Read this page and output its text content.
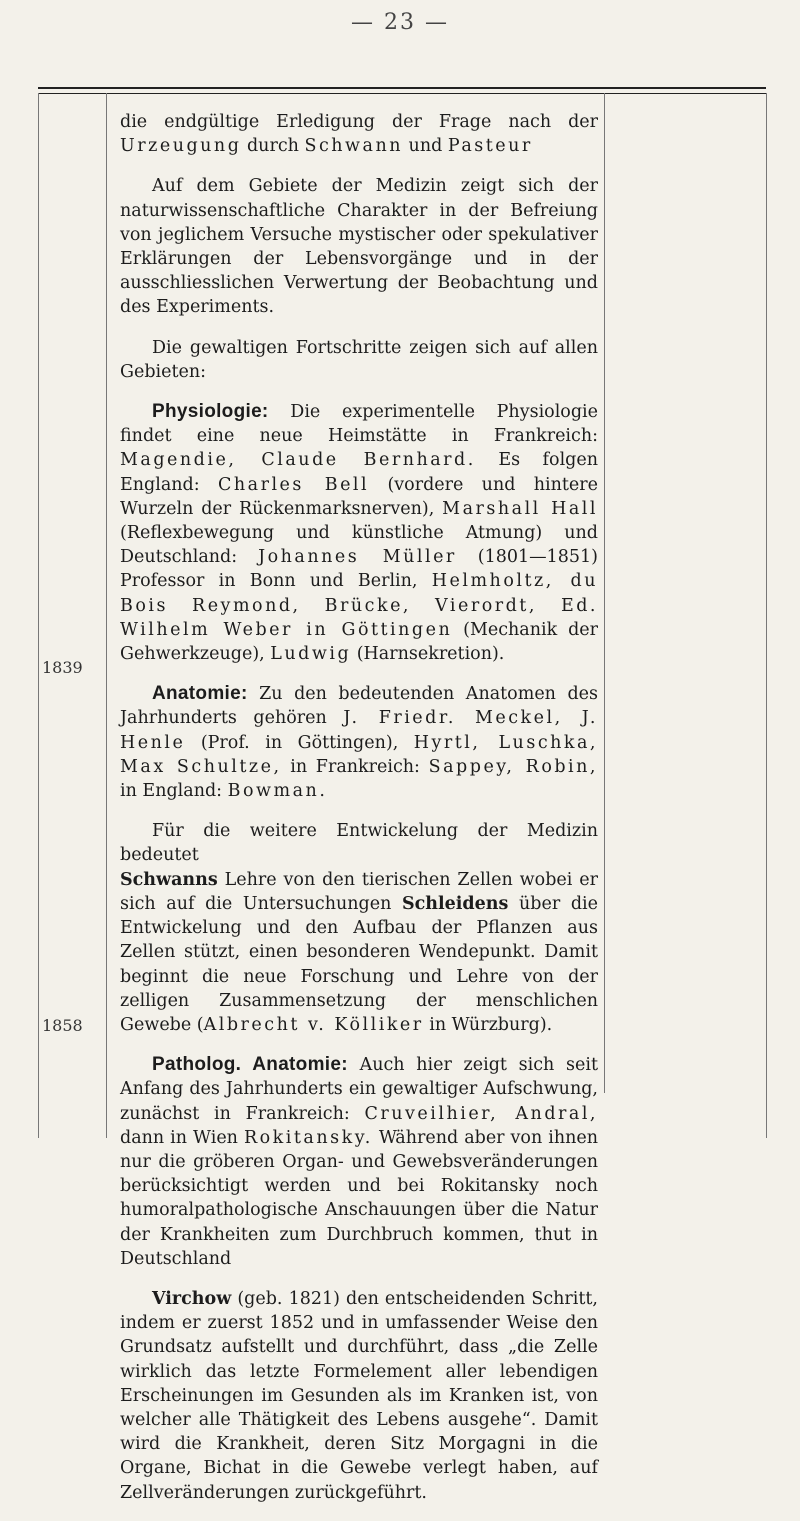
— 23 —
1839
1858

die endgültige Erledigung der Frage nach der Urzeugung durch Schwann und Pasteur

Auf dem Gebiete der Medizin zeigt sich der naturwissenschaftliche Charakter in der Befreiung von jeglichem Versuche mystischer oder spekulativer Erklärungen der Lebensvorgänge und in der ausschliesslichen Verwertung der Beobachtung und des Experiments.

Die gewaltigen Fortschritte zeigen sich auf allen Gebieten:

Physiologie: Die experimentelle Physiologie findet eine neue Heimstätte in Frankreich: Magendie, Claude Bernhard. Es folgen England: Charles Bell (vordere und hintere Wurzeln der Rückenmarksnerven), Marshall Hall (Reflexbewegung und künstliche Atmung) und Deutschland: Johannes Müller (1801—1851) Professor in Bonn und Berlin, Helmholtz, du Bois Reymond, Brücke, Vierordt, Ed. Wilhelm Weber in Göttingen (Mechanik der Gehwerkzeuge), Ludwig (Harnsekretion).

Anatomie: Zu den bedeutenden Anatomen des Jahrhunderts gehören J. Friedr. Meckel, J. Henle (Prof. in Göttingen), Hyrtl, Luschka, Max Schultze, in Frankreich: Sappey, Robin, in England: Bowman.

Für die weitere Entwickelung der Medizin bedeutet

Schwanns Lehre von den tierischen Zellen wobei er sich auf die Untersuchungen Schleidens über die Entwickelung und den Aufbau der Pflanzen aus Zellen stützt, einen besonderen Wendepunkt. Damit beginnt die neue Forschung und Lehre von der zelligen Zusammensetzung der menschlichen Gewebe (Albrecht v. Kölliker in Würzburg).

Patholog. Anatomie: Auch hier zeigt sich seit Anfang des Jahrhunderts ein gewaltiger Aufschwung, zunächst in Frankreich: Cruveilhier, Andral, dann in Wien Rokitansky. Während aber von ihnen nur die gröberen Organ- und Gewebsveränderungen berücksichtigt werden und bei Rokitansky noch humoralpathologische Anschauungen über die Natur der Krankheiten zum Durchbruch kommen, thut in Deutschland

Virchow (geb. 1821) den entscheidenden Schritt, indem er zuerst 1852 und in umfassender Weise den Grundsatz aufstellt und durchführt, dass „die Zelle wirklich das letzte Formelement aller lebendigen Erscheinungen im Gesunden als im Kranken ist, von welcher alle Thätigkeit des Lebens ausgehe“. Damit wird die Krankheit, deren Sitz Morgagni in die Organe, Bichat in die Gewebe verlegt haben, auf Zellveränderungen zurückgeführt.
